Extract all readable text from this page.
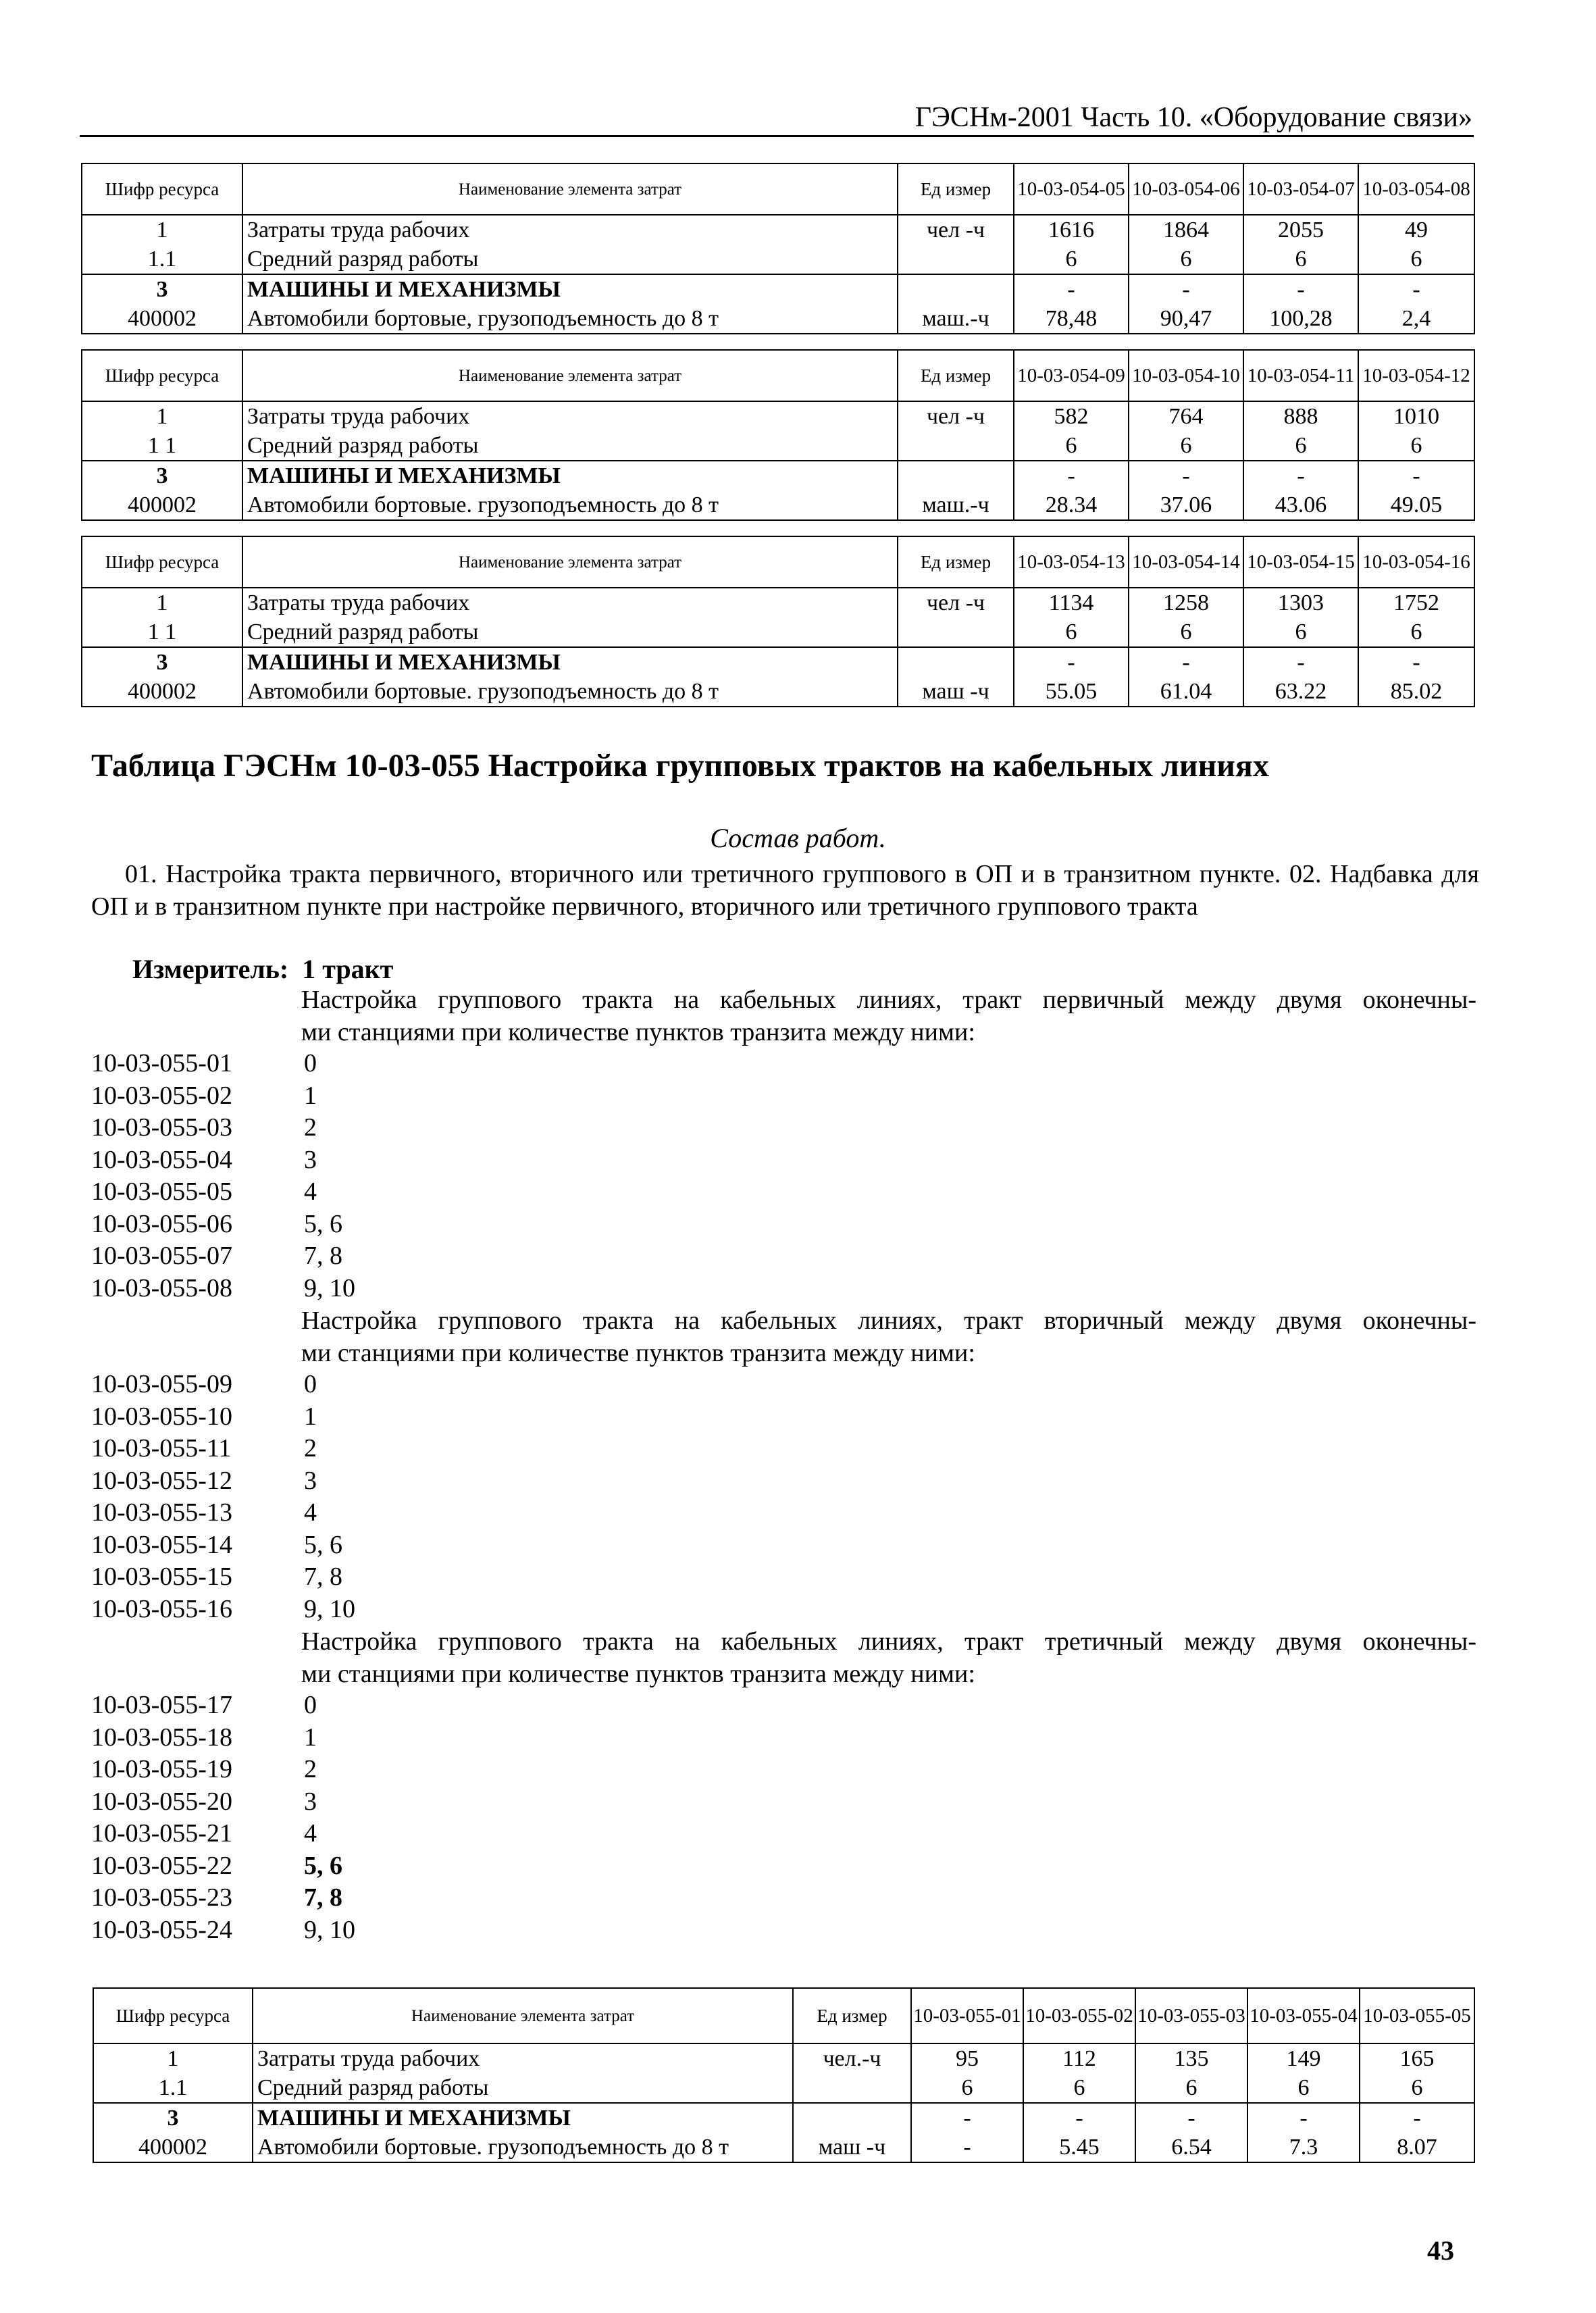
ГЭСНм-2001 Часть 10. «Оборудование связи»
Шифр ресурса	Наименование элемента затрат	Ед измер	10-03-054-05	10-03-054-06	10-03-054-07	10-03-054-08
1	Затраты труда рабочих	чел -ч	1616	1864	2055	49
1.1	Средний разряд работы		6	6	6	6
3	МАШИНЫ И МЕХАНИЗМЫ		-	-	-	-
400002	Автомобили бортовые, грузоподъемность до 8 т	маш.-ч	78,48	90,47	100,28	2,4
Шифр ресурса	Наименование элемента затрат	Ед измер	10-03-054-09	10-03-054-10	10-03-054-11	10-03-054-12
1	Затраты труда рабочих	чел -ч	582	764	888	1010
1 1	Средний разряд работы		6	6	6	6
3	МАШИНЫ И МЕХАНИЗМЫ		-	-	-	-
400002	Автомобили бортовые. грузоподъемность до 8 т	маш.-ч	28.34	37.06	43.06	49.05
Шифр ресурса	Наименование элемента затрат	Ед измер	10-03-054-13	10-03-054-14	10-03-054-15	10-03-054-16
1	Затраты труда рабочих	чел -ч	1134	1258	1303	1752
1 1	Средний разряд работы		6	6	6	6
3	МАШИНЫ И МЕХАНИЗМЫ		-	-	-	-
400002	Автомобили бортовые. грузоподъемность до 8 т	маш -ч	55.05	61.04	63.22	85.02
Таблица ГЭСНм 10-03-055 Настройка групповых трактов на кабельных линиях
Состав работ.
01. Настройка тракта первичного, вторичного или третичного группового в ОП и в транзитном пункте. 02. Надбавка для ОП и в транзитном пункте при настройке первичного, вторичного или третичного группового тракта
Измеритель: 1 тракт
Настройка группового тракта на кабельных линиях, тракт первичный между двумя оконечны-
ми станциями при количестве пунктов транзита между ними:
10-03-055-01	0
10-03-055-02	1
10-03-055-03	2
10-03-055-04	3
10-03-055-05	4
10-03-055-06	5, 6
10-03-055-07	7, 8
10-03-055-08	9, 10
Настройка группового тракта на кабельных линиях, тракт вторичный между двумя оконечны-
ми станциями при количестве пунктов транзита между ними:
10-03-055-09	0
10-03-055-10	1
10-03-055-11	2
10-03-055-12	3
10-03-055-13	4
10-03-055-14	5, 6
10-03-055-15	7, 8
10-03-055-16	9, 10
Настройка группового тракта на кабельных линиях, тракт третичный между двумя оконечны-
ми станциями при количестве пунктов транзита между ними:
10-03-055-17	0
10-03-055-18	1
10-03-055-19	2
10-03-055-20	3
10-03-055-21	4
10-03-055-22	5, 6
10-03-055-23	7, 8
10-03-055-24	9, 10
Шифр ресурса	Наименование элемента затрат	Ед измер	10-03-055-01	10-03-055-02	10-03-055-03	10-03-055-04	10-03-055-05
1	Затраты труда рабочих	чел.-ч	95	112	135	149	165
1.1	Средний разряд работы		6	6	6	6	6
3	МАШИНЫ И МЕХАНИЗМЫ		-	-	-	-	-
400002	Автомобили бортовые. грузоподъемность до 8 т	маш -ч	-	5.45	6.54	7.3	8.07
43
